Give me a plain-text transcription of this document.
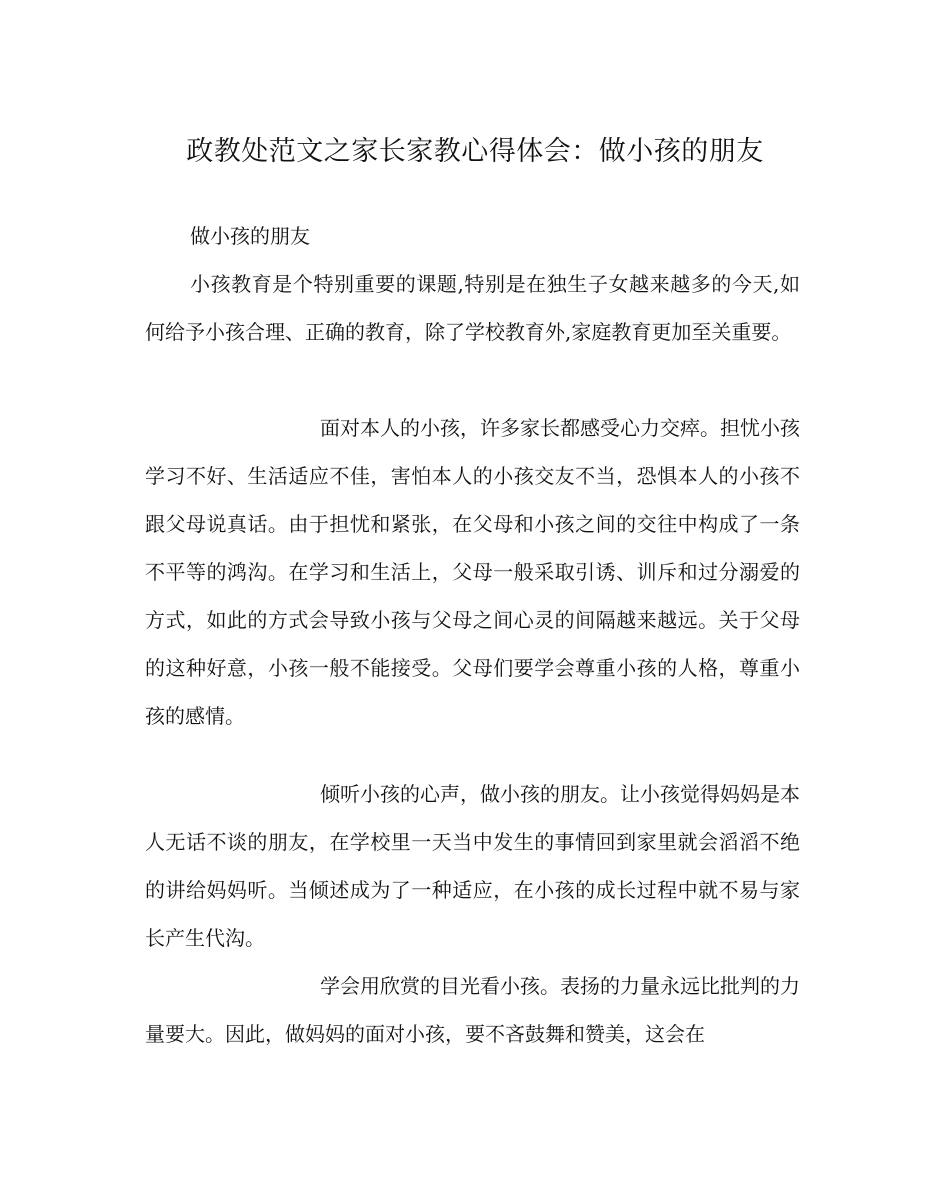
政教处范文之家长家教心得体会：做小孩的朋友

做小孩的朋友

小孩教育是个特别重要的课题,特别是在独生子女越来越多的今天,如何给予小孩合理、正确的教育，除了学校教育外,家庭教育更加至关重要。

面对本人的小孩，许多家长都感受心力交瘁。担忧小孩学习不好、生活适应不佳，害怕本人的小孩交友不当，恐惧本人的小孩不跟父母说真话。由于担忧和紧张，在父母和小孩之间的交往中构成了一条不平等的鸿沟。在学习和生活上，父母一般采取引诱、训斥和过分溺爱的方式，如此的方式会导致小孩与父母之间心灵的间隔越来越远。关于父母的这种好意，小孩一般不能接受。父母们要学会尊重小孩的人格，尊重小孩的感情。

倾听小孩的心声，做小孩的朋友。让小孩觉得妈妈是本人无话不谈的朋友，在学校里一天当中发生的事情回到家里就会滔滔不绝的讲给妈妈听。当倾述成为了一种适应，在小孩的成长过程中就不易与家长产生代沟。

学会用欣赏的目光看小孩。表扬的力量永远比批判的力量要大。因此，做妈妈的面对小孩，要不吝鼓舞和赞美，这会在
